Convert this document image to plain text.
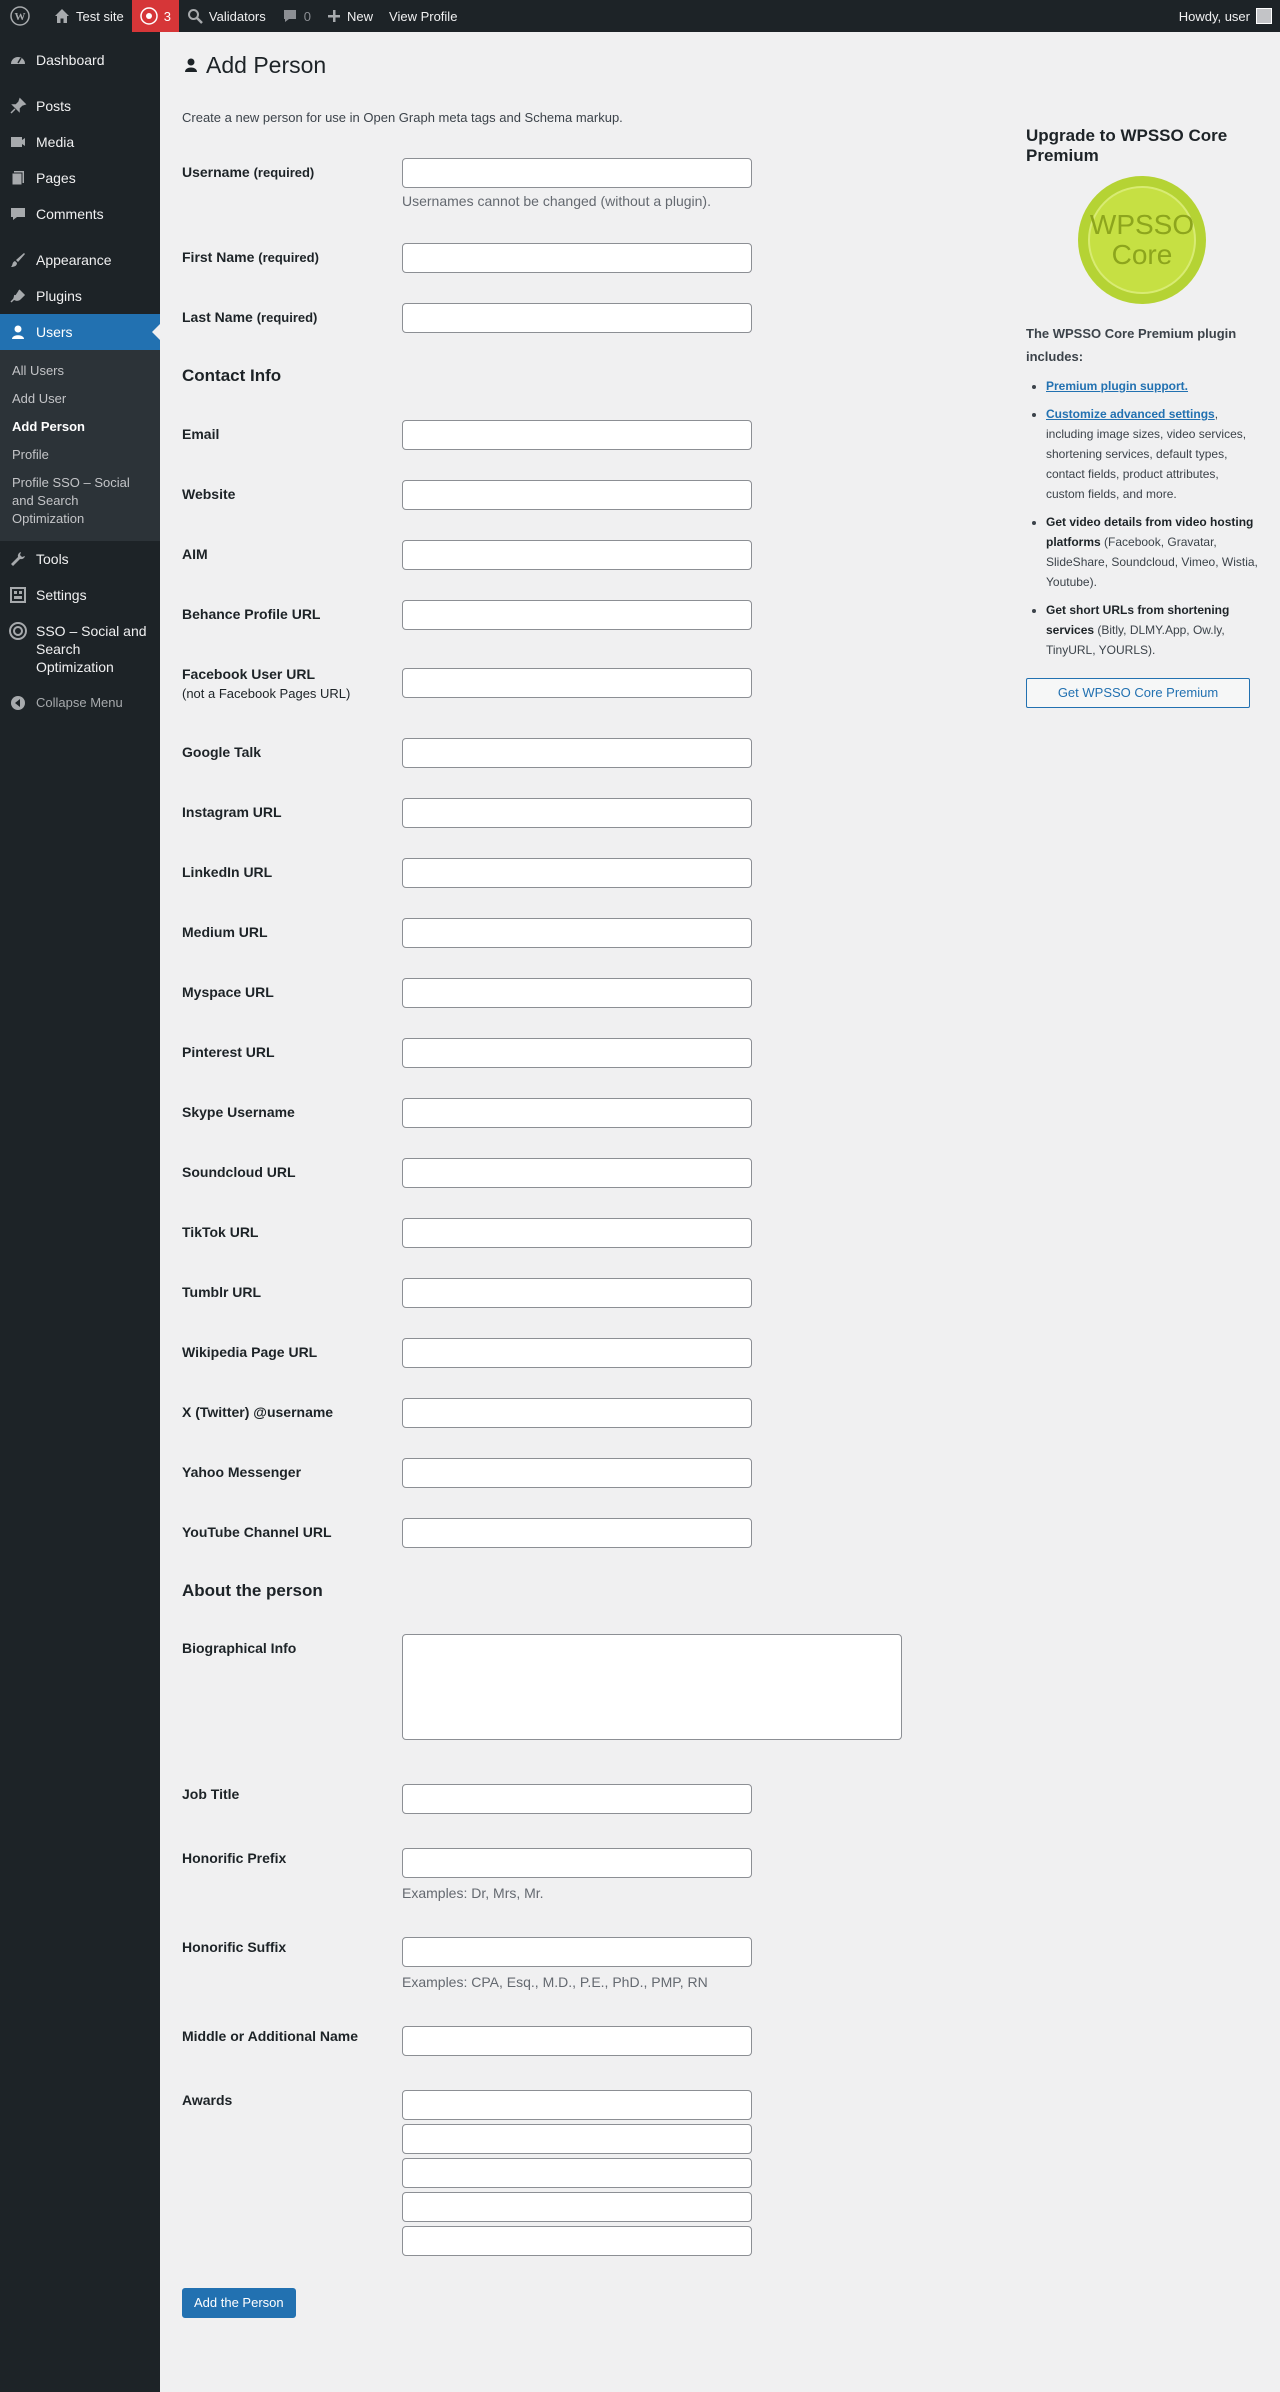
W	Test site	3	Validators	0	New View Profile	Howdy, user
Dashboard
Posts
Media
Pages
Comments
Appearance
Plugins
Users
All Users
Add User
Add Person
Profile
Profile SSO – Social and Search Optimization
Tools
Settings
SSO – Social and Search Optimization
Collapse Menu
Add Person
Create a new person for use in Open Graph meta tags and Schema markup.
Username (required)
Usernames cannot be changed (without a plugin).
First Name (required)
Last Name (required)
Contact Info
Email
Website
AIM
Behance Profile URL
Facebook User URL
(not a Facebook Pages URL)
Google Talk
Instagram URL
LinkedIn URL
Medium URL
Myspace URL
Pinterest URL
Skype Username
Soundcloud URL
TikTok URL
Tumblr URL
Wikipedia Page URL
X (Twitter) @username
Yahoo Messenger
YouTube Channel URL
About the person
Biographical Info
Job Title
Honorific Prefix
Examples: Dr, Mrs, Mr.
Honorific Suffix
Examples: CPA, Esq., M.D., P.E., PhD., PMP, RN
Middle or Additional Name
Awards
Add the Person
Upgrade to WPSSO Core Premium
WPSSO
Core
The WPSSO Core Premium plugin includes:
• Premium plugin support.
• Customize advanced settings, including image sizes, video services, shortening services, default types, contact fields, product attributes, custom fields, and more.
• Get video details from video hosting platforms (Facebook, Gravatar, SlideShare, Soundcloud, Vimeo, Wistia, Youtube).
• Get short URLs from shortening services (Bitly, DLMY.App, Ow.ly, TinyURL, YOURLS).
Get WPSSO Core Premium
